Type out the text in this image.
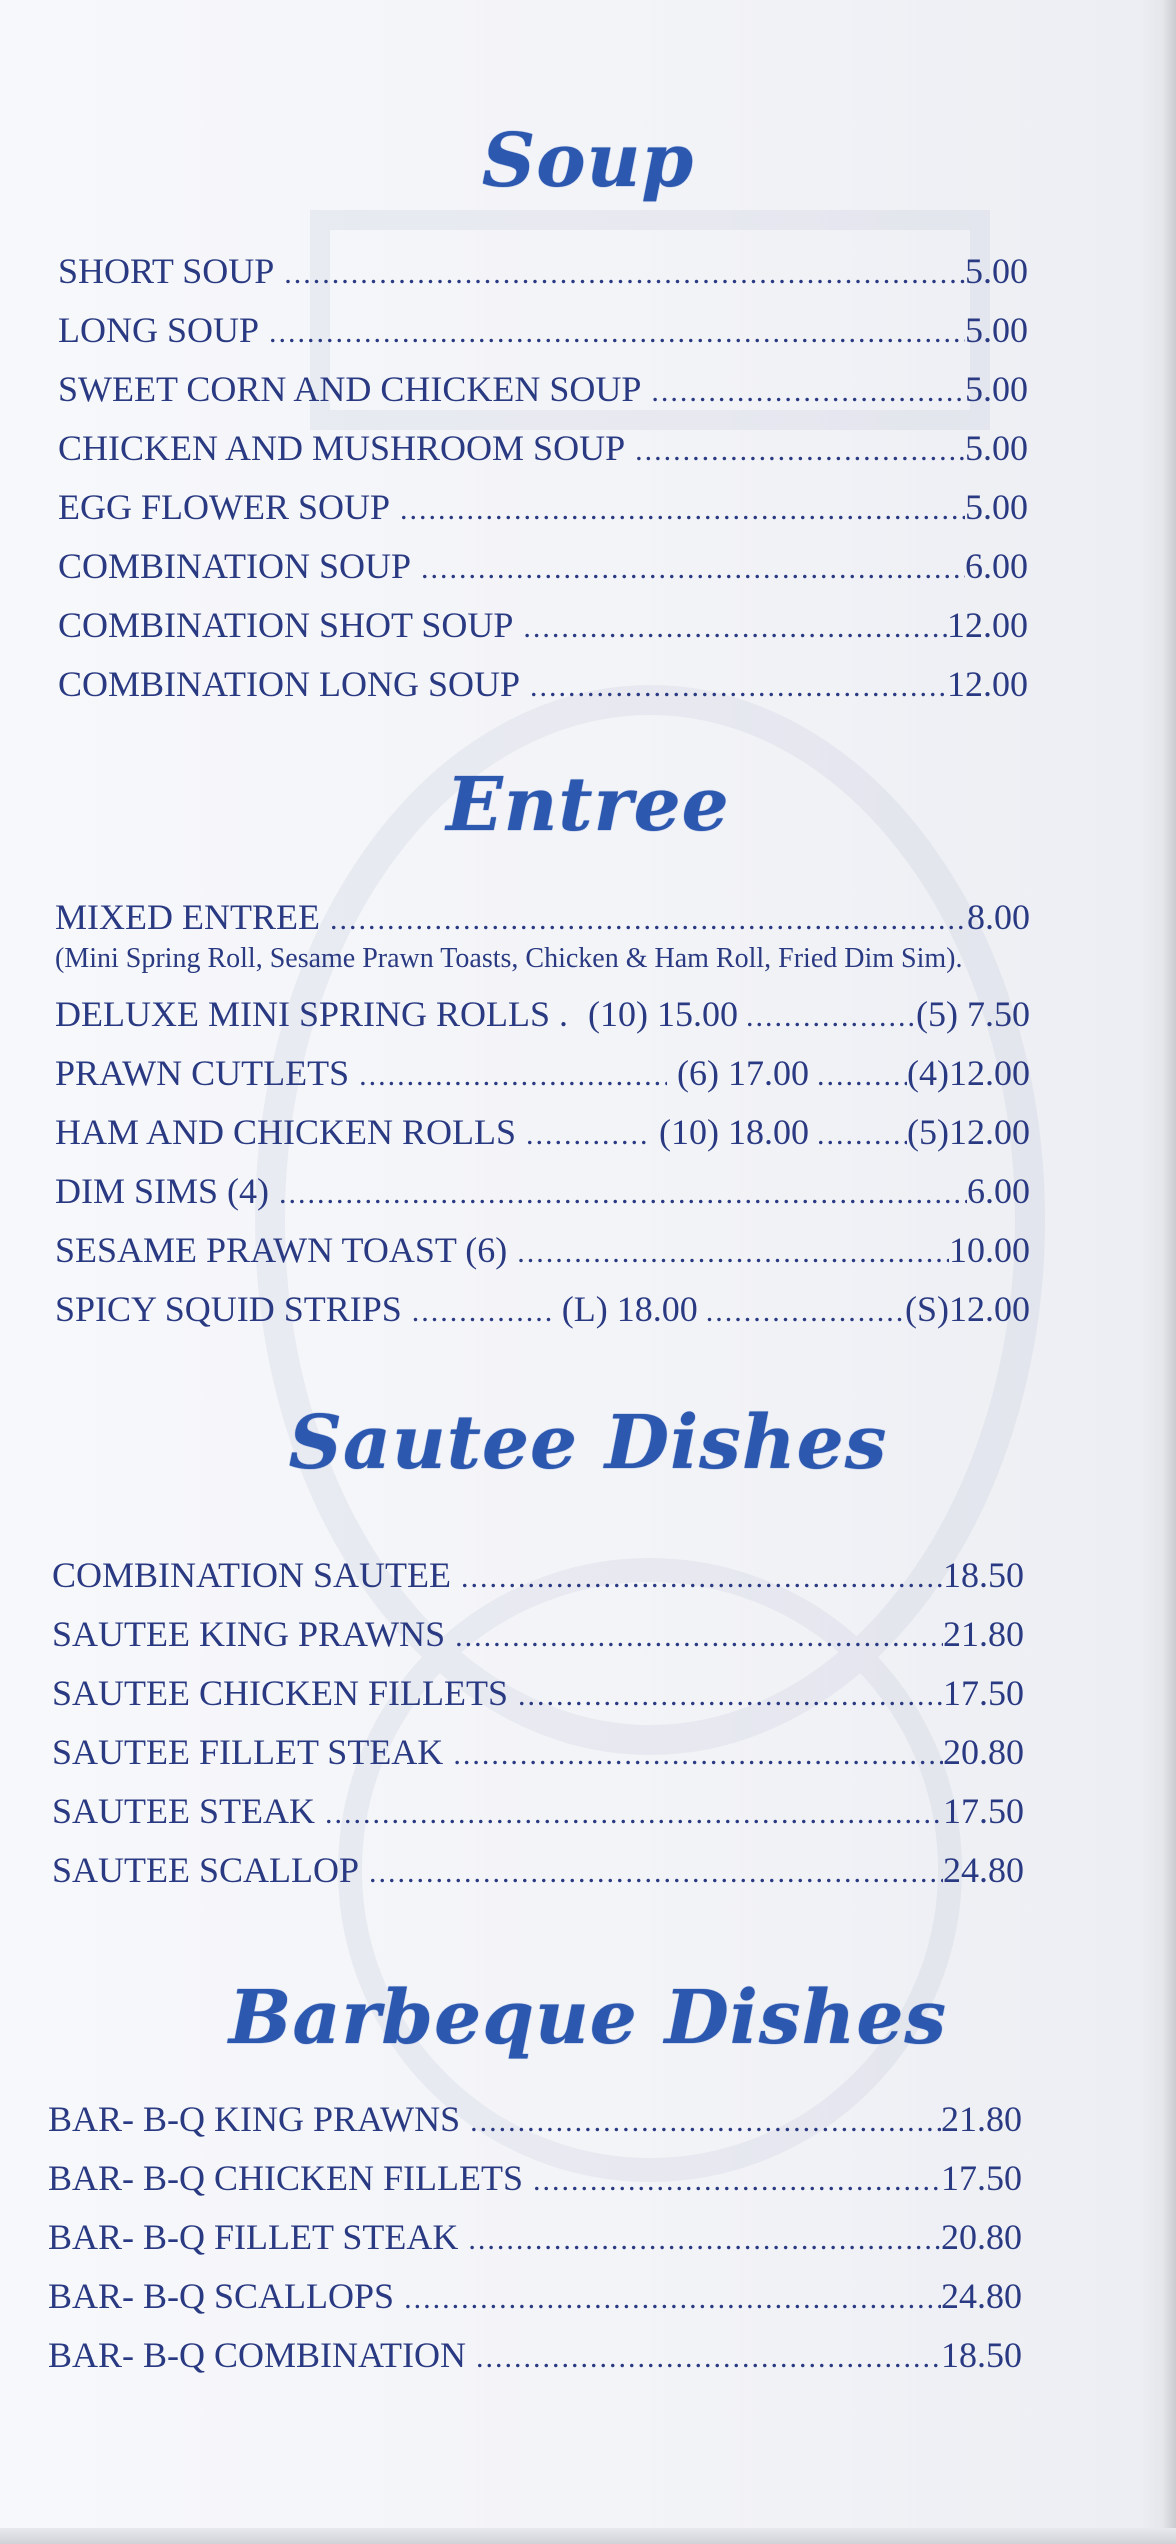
Soup
SHORT SOUP .....	5.00
LONG SOUP .....	5.00
SWEET CORN AND CHICKEN SOUP .....	5.00
CHICKEN AND MUSHROOM SOUP .....	5.00
EGG FLOWER SOUP .....	5.00
COMBINATION SOUP .....	6.00
COMBINATION SHOT SOUP .....	12.00
COMBINATION LONG SOUP .....	12.00
Entree
MIXED ENTREE .....	8.00
(Mini Spring Roll, Sesame Prawn Toasts, Chicken & Ham Roll, Fried Dim Sim).
DELUXE MINI SPRING ROLLS . (10) 15.00 .....	(5) 7.50
PRAWN CUTLETS .....	(6) 17.00 .....	(4)12.00
HAM AND CHICKEN ROLLS .....	(10) 18.00 .....	(5)12.00
DIM SIMS (4) .....	6.00
SESAME PRAWN TOAST (6) .....	10.00
SPICY SQUID STRIPS .....	(L) 18.00 .....	(S)12.00
Sautee Dishes
COMBINATION SAUTEE .....	18.50
SAUTEE KING PRAWNS .....	21.80
SAUTEE CHICKEN FILLETS .....	17.50
SAUTEE FILLET STEAK .....	20.80
SAUTEE STEAK .....	17.50
SAUTEE SCALLOP .....	24.80
Barbeque Dishes
BAR- B-Q KING PRAWNS .....	21.80
BAR- B-Q CHICKEN FILLETS .....	17.50
BAR- B-Q FILLET STEAK .....	20.80
BAR- B-Q SCALLOPS .....	24.80
BAR- B-Q COMBINATION .....	18.50
